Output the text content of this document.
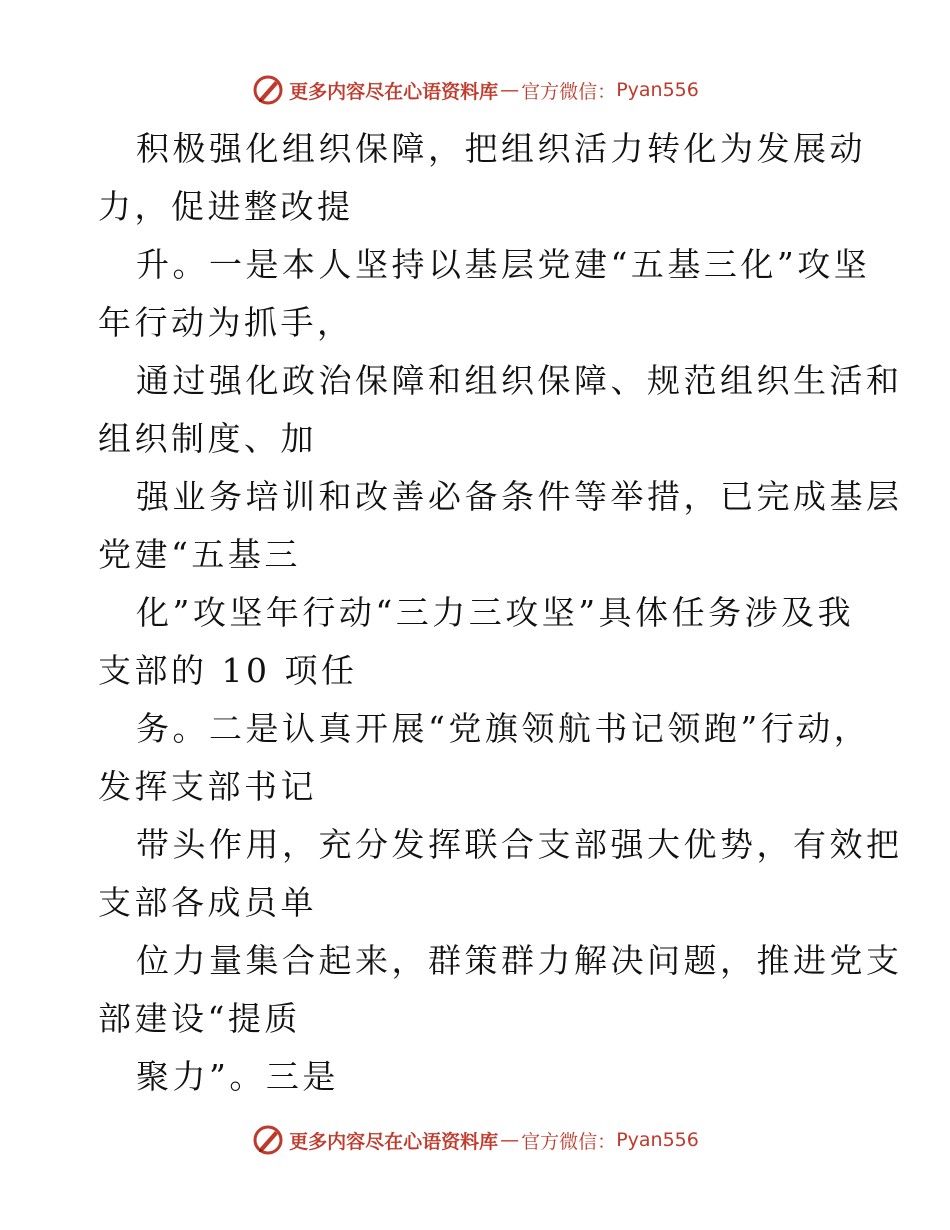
更多内容尽在心语资料库 — 官方微信： Pyan556
积极强化组织保障，把组织活力转化为发展动
力，促进整改提
升。一是本人坚持以基层党建“五基三化”攻坚
年行动为抓手，
通过强化政治保障和组织保障、规范组织生活和
组织制度、加
强业务培训和改善必备条件等举措，已完成基层
党建“五基三
化”攻坚年行动“三力三攻坚”具体任务涉及我
支部的 10 项任
务。二是认真开展“党旗领航书记领跑”行动，
发挥支部书记
带头作用，充分发挥联合支部强大优势，有效把
支部各成员单
位力量集合起来，群策群力解决问题，推进党支
部建设“提质
聚力”。三是
更多内容尽在心语资料库 — 官方微信： Pyan556
